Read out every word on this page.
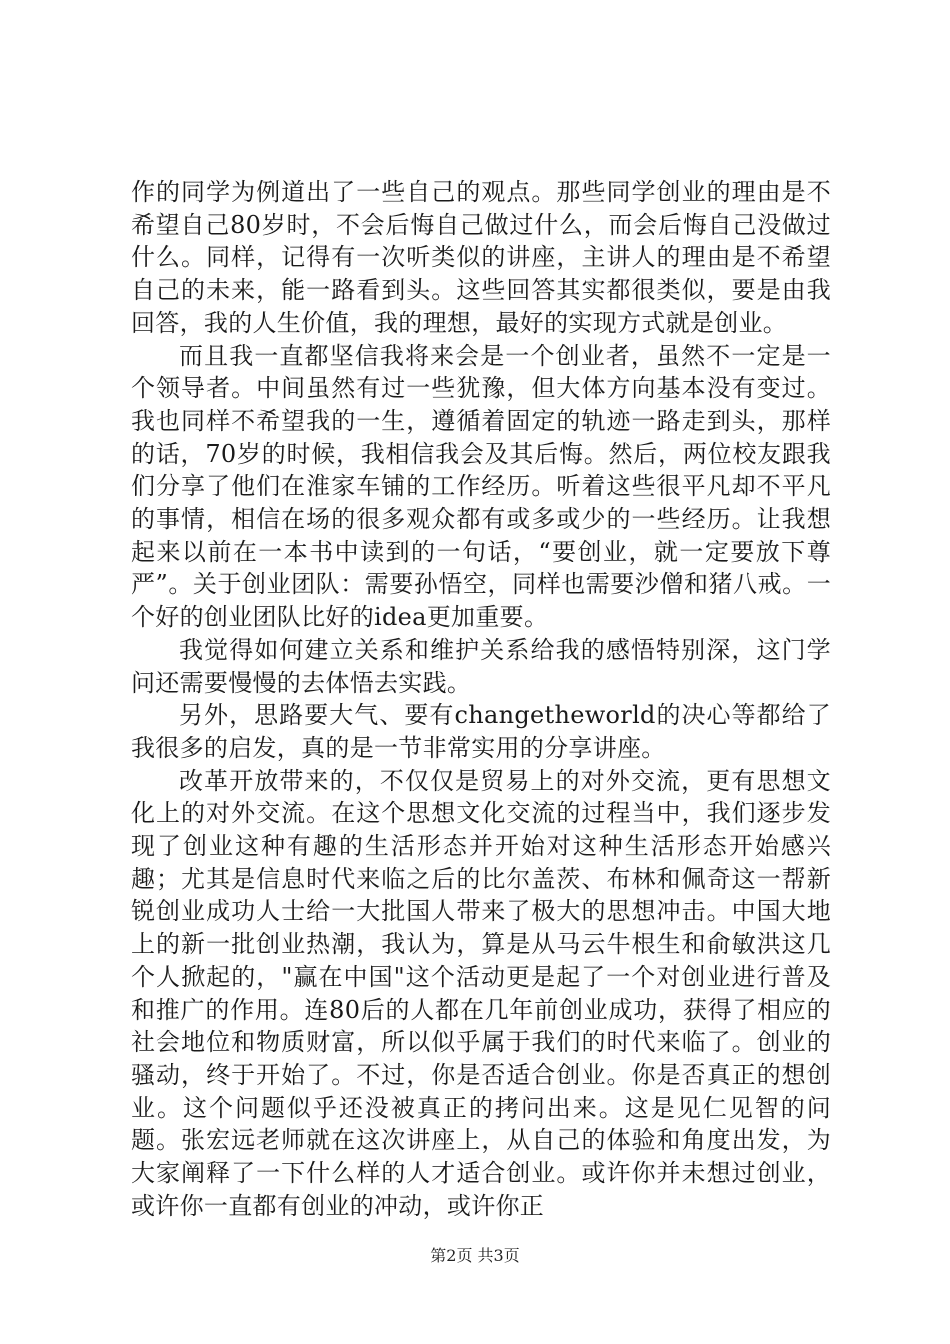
作的同学为例道出了一些自己的观点。那些同学创业的理由是不希望自己80岁时，不会后悔自己做过什么，而会后悔自己没做过什么。同样，记得有一次听类似的讲座，主讲人的理由是不希望自己的未来，能一路看到头。这些回答其实都很类似，要是由我回答，我的人生价值，我的理想，最好的实现方式就是创业。

而且我一直都坚信我将来会是一个创业者，虽然不一定是一个领导者。中间虽然有过一些犹豫，但大体方向基本没有变过。我也同样不希望我的一生，遵循着固定的轨迹一路走到头，那样的话，70岁的时候，我相信我会及其后悔。然后，两位校友跟我们分享了他们在淮家车铺的工作经历。听着这些很平凡却不平凡的事情，相信在场的很多观众都有或多或少的一些经历。让我想起来以前在一本书中读到的一句话，“要创业，就一定要放下尊严”。关于创业团队：需要孙悟空，同样也需要沙僧和猪八戒。一个好的创业团队比好的idea更加重要。

我觉得如何建立关系和维护关系给我的感悟特别深，这门学问还需要慢慢的去体悟去实践。

另外，思路要大气、要有changetheworld的决心等都给了我很多的启发，真的是一节非常实用的分享讲座。

改革开放带来的，不仅仅是贸易上的对外交流，更有思想文化上的对外交流。在这个思想文化交流的过程当中，我们逐步发现了创业这种有趣的生活形态并开始对这种生活形态开始感兴趣；尤其是信息时代来临之后的比尔盖茨、布林和佩奇这一帮新锐创业成功人士给一大批国人带来了极大的思想冲击。中国大地上的新一批创业热潮，我认为，算是从马云牛根生和俞敏洪这几个人掀起的，"赢在中国"这个活动更是起了一个对创业进行普及和推广的作用。连80后的人都在几年前创业成功，获得了相应的社会地位和物质财富，所以似乎属于我们的时代来临了。创业的骚动，终于开始了。不过，你是否适合创业。你是否真正的想创业。这个问题似乎还没被真正的拷问出来。这是见仁见智的问题。张宏远老师就在这次讲座上，从自己的体验和角度出发，为大家阐释了一下什么样的人才适合创业。或许你并未想过创业，或许你一直都有创业的冲动，或许你正

第2页 共3页
